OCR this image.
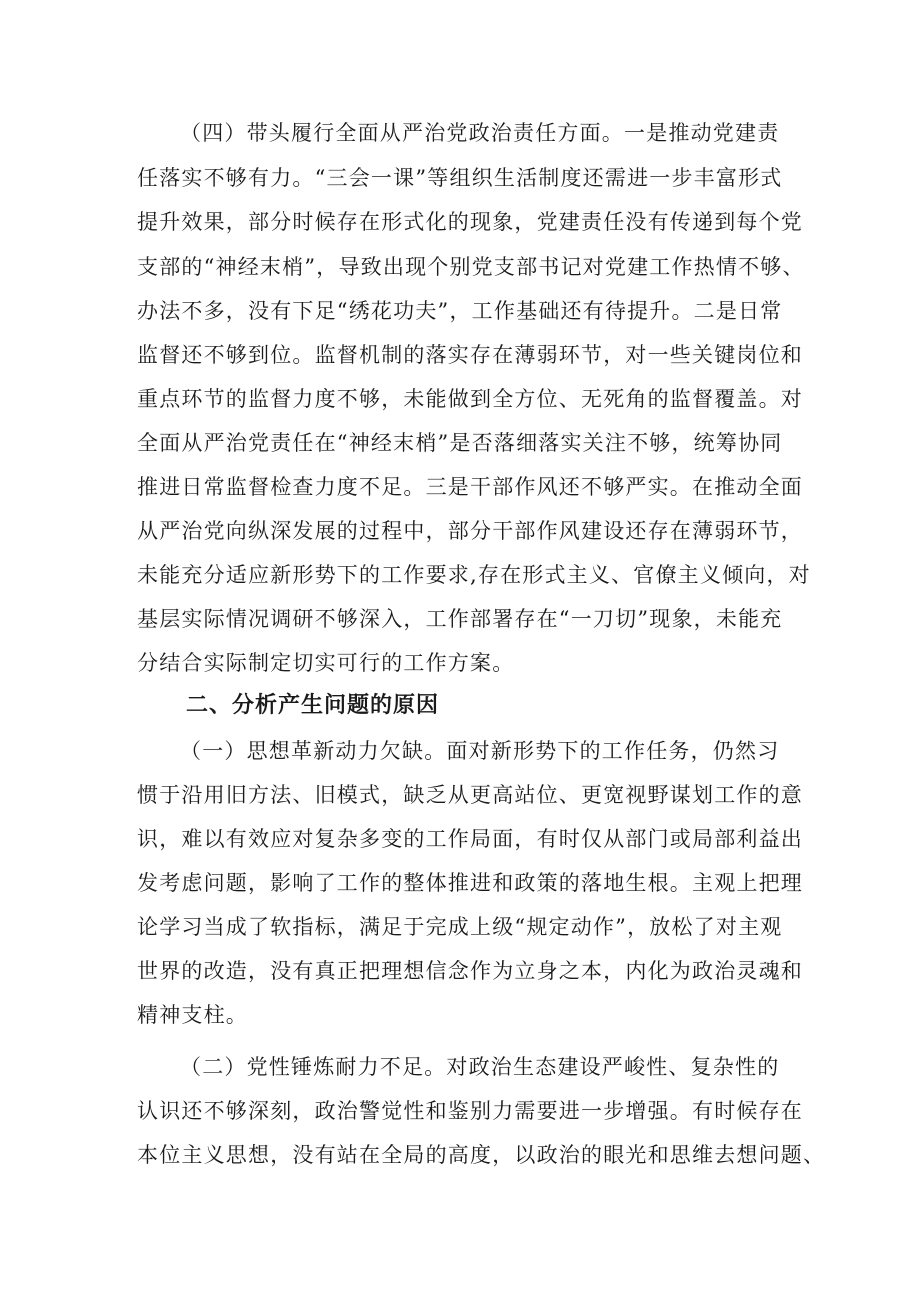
（四）带头履行全面从严治党政治责任方面。一是推动党建责
任落实不够有力。“三会一课”等组织生活制度还需进一步丰富形式
提升效果，部分时候存在形式化的现象，党建责任没有传递到每个党
支部的“神经末梢”，导致出现个别党支部书记对党建工作热情不够、
办法不多，没有下足“绣花功夫”，工作基础还有待提升。二是日常
监督还不够到位。监督机制的落实存在薄弱环节，对一些关键岗位和
重点环节的监督力度不够，未能做到全方位、无死角的监督覆盖。对
全面从严治党责任在“神经末梢”是否落细落实关注不够，统筹协同
推进日常监督检查力度不足。三是干部作风还不够严实。在推动全面
从严治党向纵深发展的过程中，部分干部作风建设还存在薄弱环节，
未能充分适应新形势下的工作要求,存在形式主义、官僚主义倾向，对
基层实际情况调研不够深入，工作部署存在“一刀切”现象，未能充
分结合实际制定切实可行的工作方案。
二、分析产生问题的原因
（一）思想革新动力欠缺。面对新形势下的工作任务，仍然习
惯于沿用旧方法、旧模式，缺乏从更高站位、更宽视野谋划工作的意
识，难以有效应对复杂多变的工作局面，有时仅从部门或局部利益出
发考虑问题，影响了工作的整体推进和政策的落地生根。主观上把理
论学习当成了软指标，满足于完成上级“规定动作”，放松了对主观
世界的改造，没有真正把理想信念作为立身之本，内化为政治灵魂和
精神支柱。
（二）党性锤炼耐力不足。对政治生态建设严峻性、复杂性的
认识还不够深刻，政治警觉性和鉴别力需要进一步增强。有时候存在
本位主义思想，没有站在全局的高度，以政治的眼光和思维去想问题、
